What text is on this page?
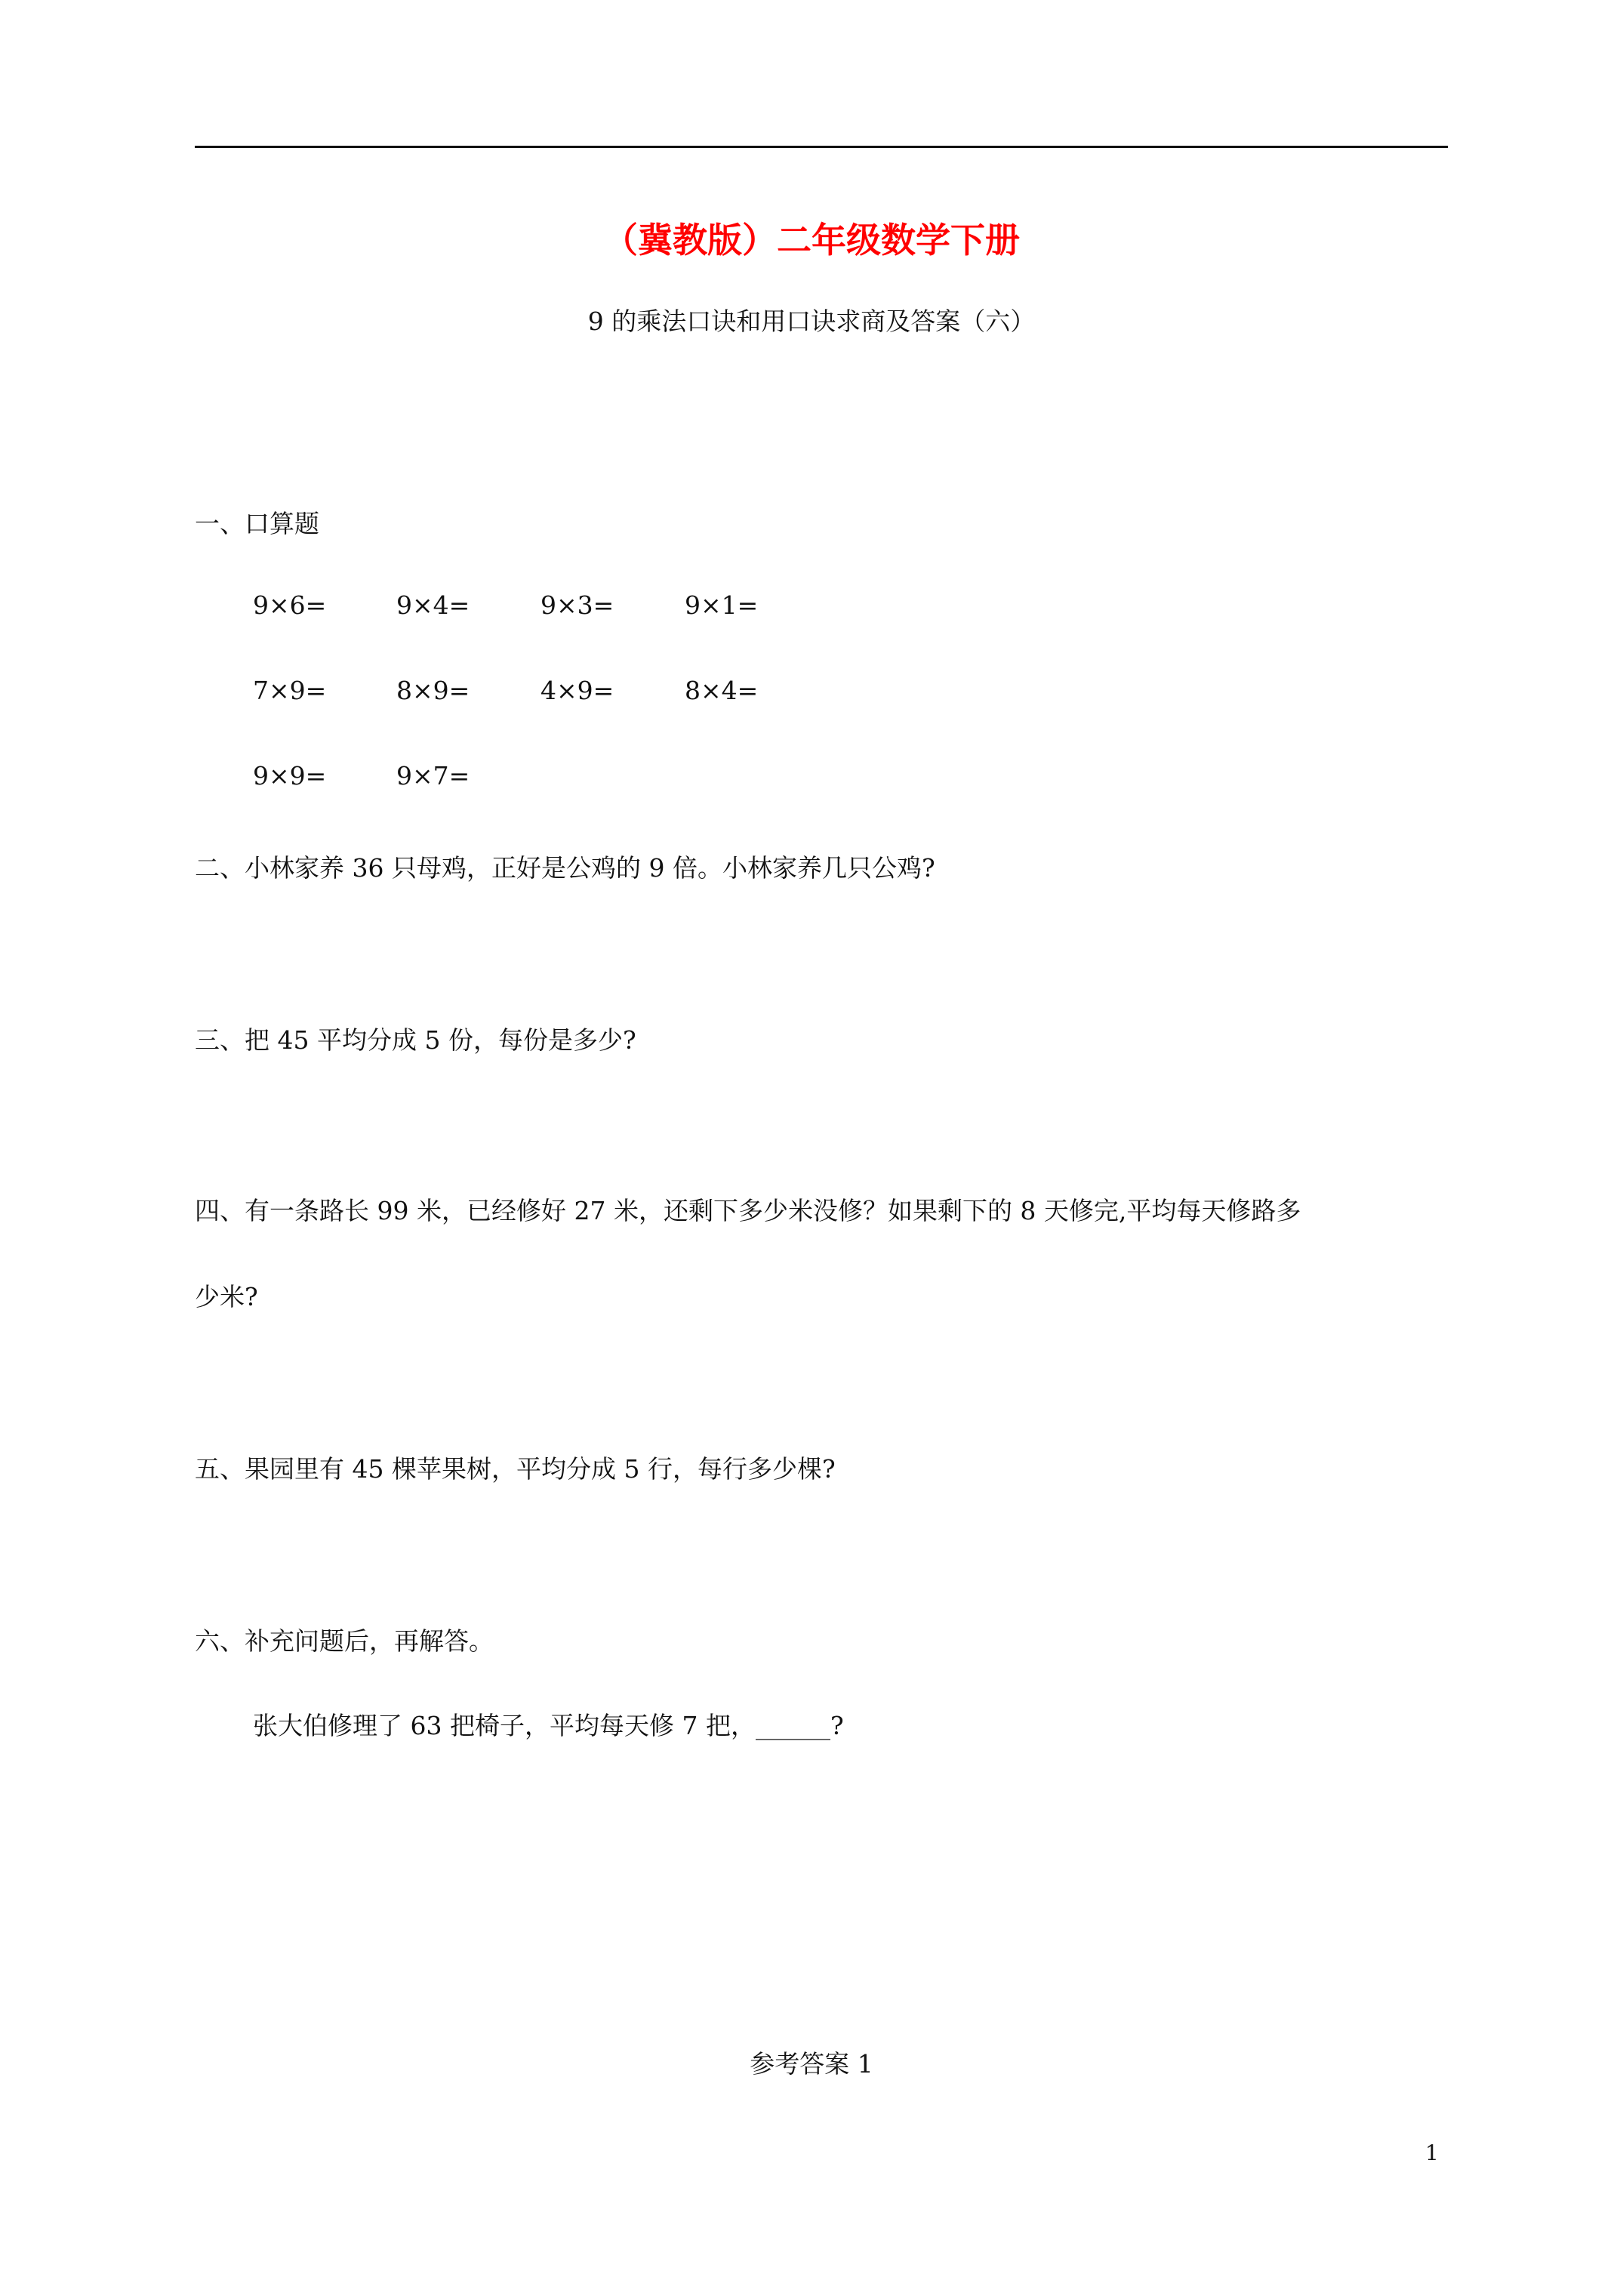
（冀教版）二年级数学下册
9 的乘法口诀和用口诀求商及答案（六）
一、口算题
9×6=	9×4=	9×3=	9×1=
7×9=	8×9=	4×9=	8×4=
9×9=	9×7=
二、小林家养 36 只母鸡，正好是公鸡的 9 倍。小林家养几只公鸡?
三、把 45 平均分成 5 份，每份是多少?
四、有一条路长 99 米，已经修好 27 米，还剩下多少米没修？如果剩下的 8 天修完,平均每天修路多
少米?
五、果园里有 45 棵苹果树，平均分成 5 行，每行多少棵?
六、补充问题后，再解答。
张大伯修理了 63 把椅子，平均每天修 7 把，______?
参考答案 1
1
